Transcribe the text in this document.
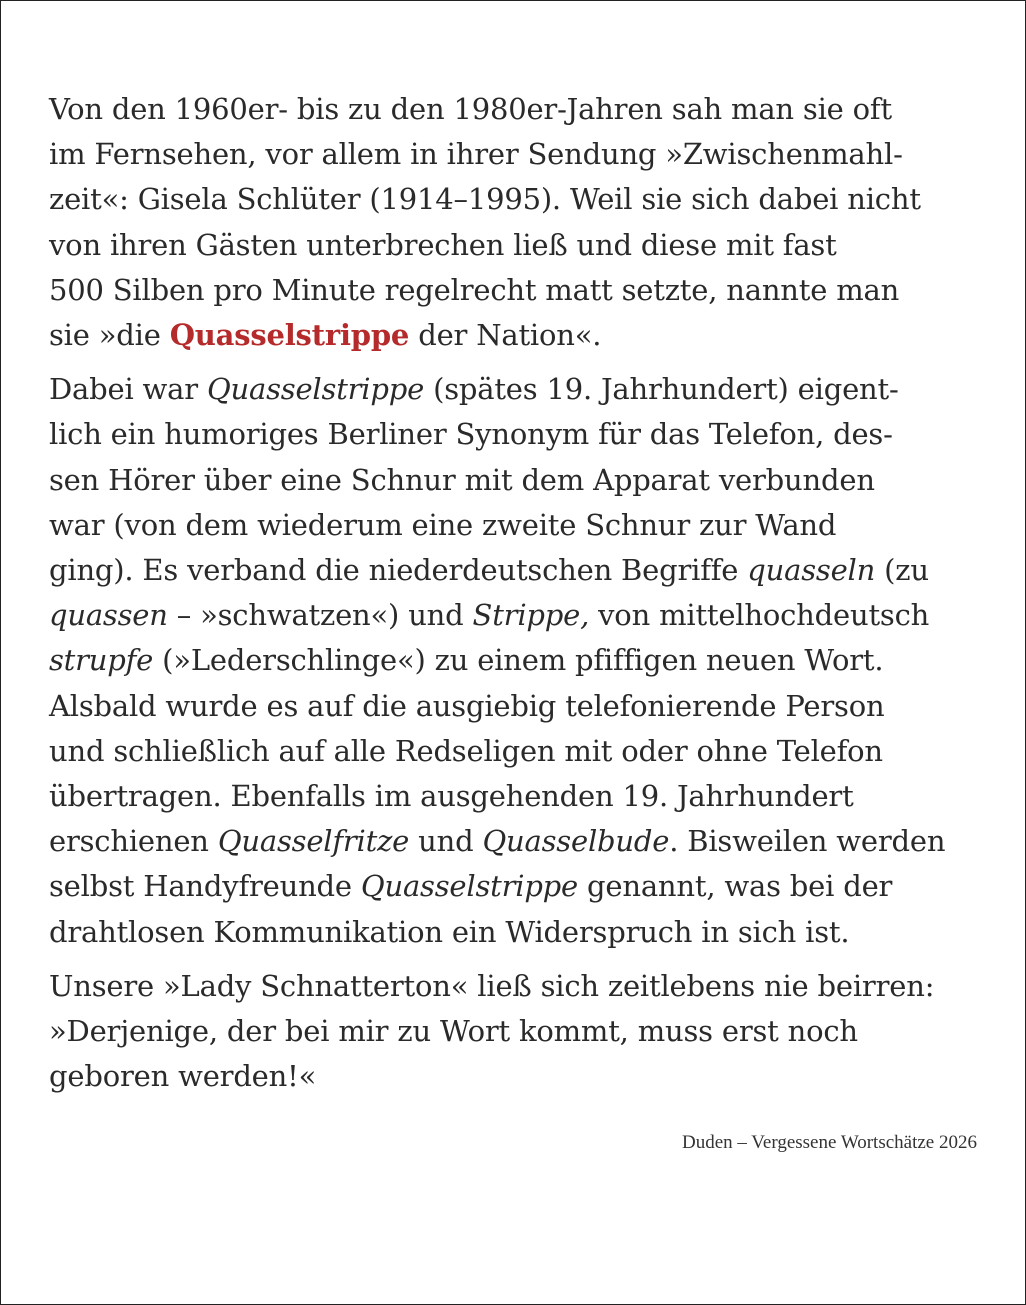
Von den 1960er- bis zu den 1980er-Jahren sah man sie oft
im Fernsehen, vor allem in ihrer Sendung »Zwischenmahl-
zeit«: Gisela Schlüter (1914–1995). Weil sie sich dabei nicht
von ihren Gästen unterbrechen ließ und diese mit fast
500 Silben pro Minute regelrecht matt setzte, nannte man
sie »die Quasselstrippe der Nation«.

Dabei war Quasselstrippe (spätes 19. Jahrhundert) eigent-
lich ein humoriges Berliner Synonym für das Telefon, des-
sen Hörer über eine Schnur mit dem Apparat verbunden
war (von dem wiederum eine zweite Schnur zur Wand
ging). Es verband die niederdeutschen Begriffe quasseln (zu
quassen – »schwatzen«) und Strippe, von mittelhochdeutsch
strupfe (»Lederschlinge«) zu einem pfiffigen neuen Wort.
Alsbald wurde es auf die ausgiebig telefonierende Person
und schließlich auf alle Redseligen mit oder ohne Telefon
übertragen. Ebenfalls im ausgehenden 19. Jahrhundert
erschienen Quasselfritze und Quasselbude. Bisweilen werden
selbst Handyfreunde Quasselstrippe genannt, was bei der
drahtlosen Kommunikation ein Widerspruch in sich ist.

Unsere »Lady Schnatterton« ließ sich zeitlebens nie beirren:
»Derjenige, der bei mir zu Wort kommt, muss erst noch
geboren werden!«

Duden – Vergessene Wortschätze 2026
